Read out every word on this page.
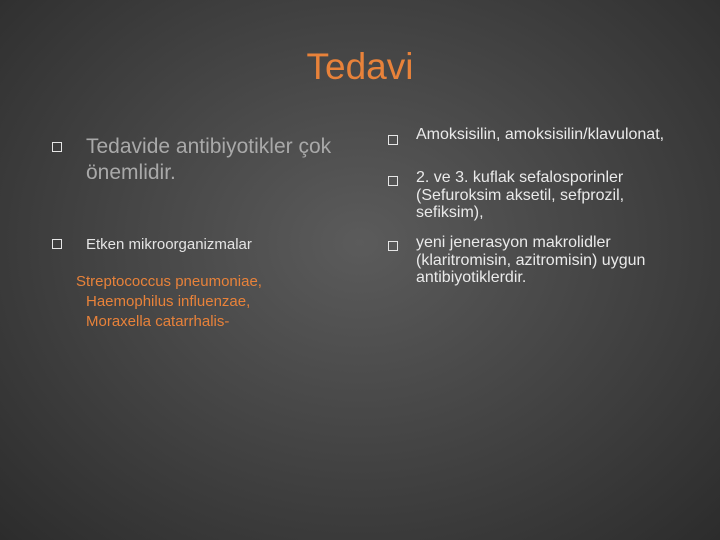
Tedavi
Tedavide antibiyotikler çok önemlidir.
Etken mikroorganizmalar
Streptococcus pneumoniae,
Haemophilus influenzae,
Moraxella catarrhalis-
Amoksisilin, amoksisilin/klavulonat,
2. ve 3. kuflak sefalosporinler (Sefuroksim aksetil, sefprozil, sefiksim),
yeni jenerasyon makrolidler (klaritromisin, azitromisin) uygun antibiyotiklerdir.
